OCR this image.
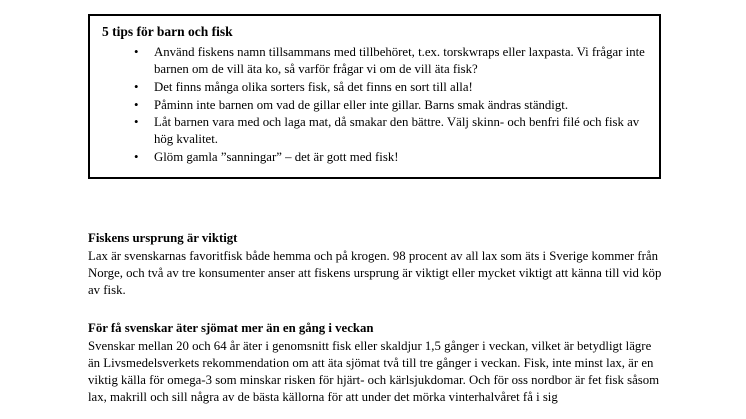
5 tips för barn och fisk
• Använd fiskens namn tillsammans med tillbehöret, t.ex. torskwraps eller laxpasta. Vi frågar inte barnen om de vill äta ko, så varför frågar vi om de vill äta fisk?
• Det finns många olika sorters fisk, så det finns en sort till alla!
• Påminn inte barnen om vad de gillar eller inte gillar. Barns smak ändras ständigt.
• Låt barnen vara med och laga mat, då smakar den bättre. Välj skinn- och benfri filé och fisk av hög kvalitet.
• Glöm gamla ”sanningar” – det är gott med fisk!

Fiskens ursprung är viktigt

Lax är svenskarnas favoritfisk både hemma och på krogen. 98 procent av all lax som äts i Sverige kommer från Norge, och två av tre konsumenter anser att fiskens ursprung är viktigt eller mycket viktigt att känna till vid köp av fisk.

För få svenskar äter sjömat mer än en gång i veckan

Svenskar mellan 20 och 64 år äter i genomsnitt fisk eller skaldjur 1,5 gånger i veckan, vilket är betydligt lägre än Livsmedelsverkets rekommendation om att äta sjömat två till tre gånger i veckan. Fisk, inte minst lax, är en viktig källa för omega-3 som minskar risken för hjärt- och kärlsjukdomar. Och för oss nordbor är fet fisk såsom lax, makrill och sill några av de bästa källorna för att under det mörka vinterhalvåret få i sig
